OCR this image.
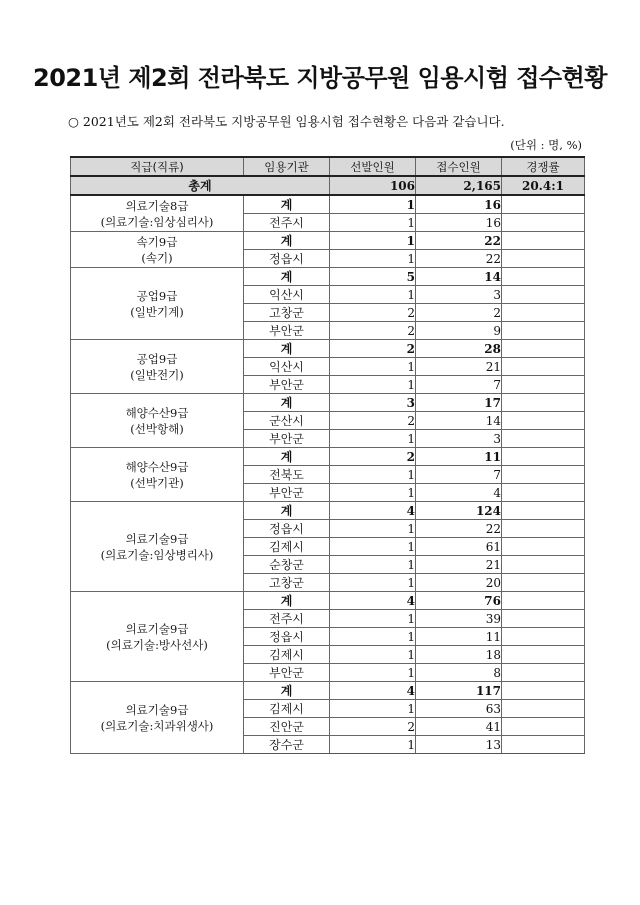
2021년 제2회 전라북도 지방공무원 임용시험 접수현황

○ 2021년도 제2회 전라북도 지방공무원 임용시험 접수현황은 다음과 같습니다.

(단위 : 명, %)

직급(직류)	임용기관	선발인원	접수인원	경쟁률
총계		106	2,165	20.4:1

의료기술8급
(의료기술:임상심리사)	계	1	16	
	전주시	1	16	

속기9급
(속기)	계	1	22	
	정읍시	1	22	

공업9급
(일반기계)	계	5	14	
	익산시	1	3	
	고창군	2	2	
	부안군	2	9	

공업9급
(일반전기)	계	2	28	
	익산시	1	21	
	부안군	1	7	

해양수산9급
(선박항해)	계	3	17	
	군산시	2	14	
	부안군	1	3	

해양수산9급
(선박기관)	계	2	11	
	전북도	1	7	
	부안군	1	4	

의료기술9급
(의료기술:임상병리사)	계	4	124	
	정읍시	1	22	
	김제시	1	61	
	순창군	1	21	
	고창군	1	20	

의료기술9급
(의료기술:방사선사)	계	4	76	
	전주시	1	39	
	정읍시	1	11	
	김제시	1	18	
	부안군	1	8	

의료기술9급
(의료기술:치과위생사)	계	4	117	
	김제시	1	63	
	진안군	2	41	
	장수군	1	13	
